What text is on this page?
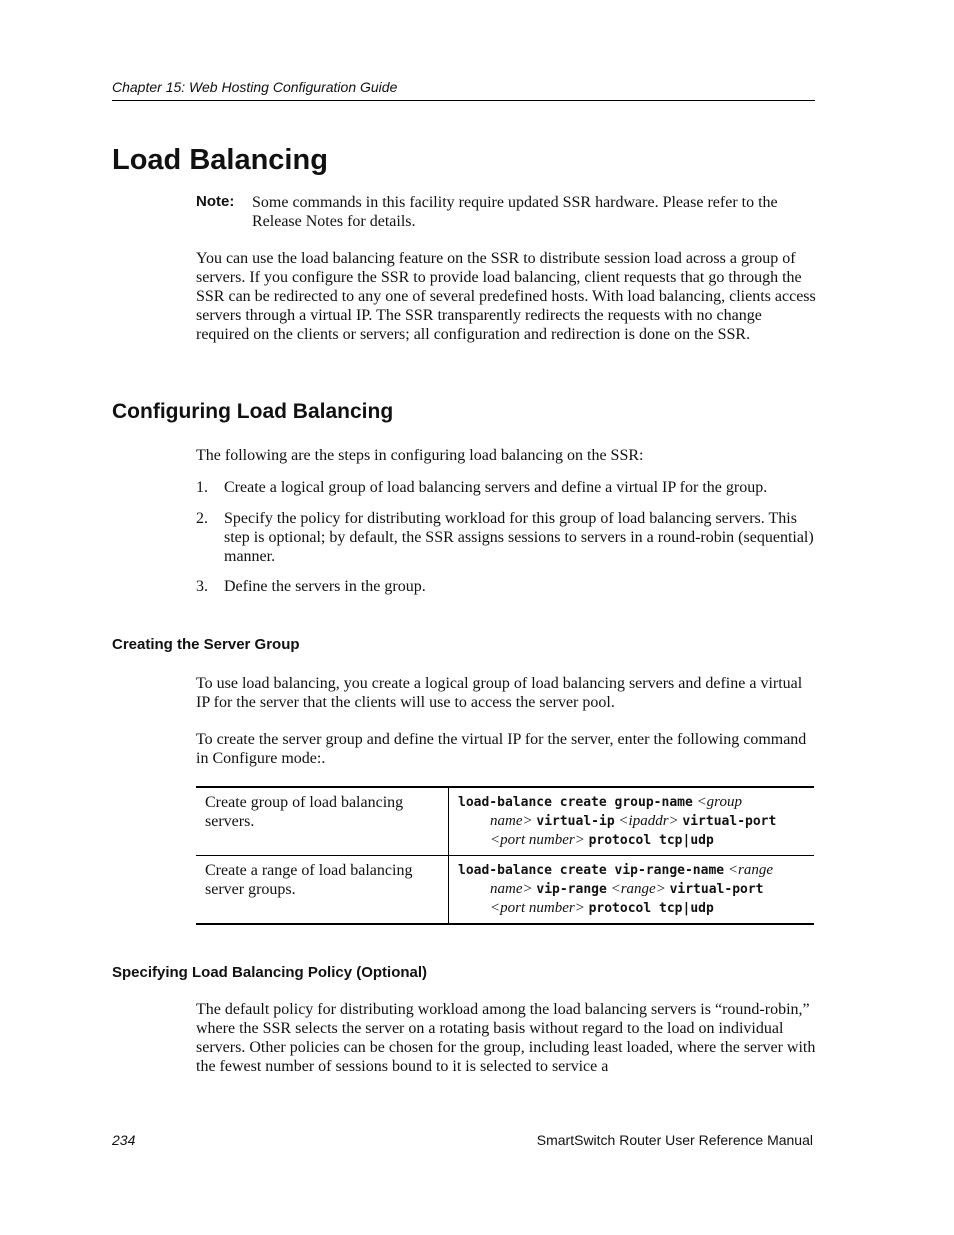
Chapter 15: Web Hosting Configuration Guide
Load Balancing
Note: Some commands in this facility require updated SSR hardware. Please refer to the Release Notes for details.

You can use the load balancing feature on the SSR to distribute session load across a group of servers. If you configure the SSR to provide load balancing, client requests that go through the SSR can be redirected to any one of several predefined hosts. With load balancing, clients access servers through a virtual IP. The SSR transparently redirects the requests with no change required on the clients or servers; all configuration and redirection is done on the SSR.

Configuring Load Balancing

The following are the steps in configuring load balancing on the SSR:

1. Create a logical group of load balancing servers and define a virtual IP for the group.

2. Specify the policy for distributing workload for this group of load balancing servers. This step is optional; by default, the SSR assigns sessions to servers in a round-robin (sequential) manner.

3. Define the servers in the group.

Creating the Server Group

To use load balancing, you create a logical group of load balancing servers and define a virtual IP for the server that the clients will use to access the server pool.

To create the server group and define the virtual IP for the server, enter the following command in Configure mode:.

Create group of load balancing servers.
load-balance create group-name <group
name> virtual-ip <ipaddr> virtual-port
<port number> protocol tcp|udp
Create a range of load balancing server groups.
load-balance create vip-range-name <range
name> vip-range <range> virtual-port
<port number> protocol tcp|udp
Specifying Load Balancing Policy (Optional)

The default policy for distributing workload among the load balancing servers is “round-robin,” where the SSR selects the server on a rotating basis without regard to the load on individual servers. Other policies can be chosen for the group, including least loaded, where the server with the fewest number of sessions bound to it is selected to service a

234	SmartSwitch Router User Reference Manual
